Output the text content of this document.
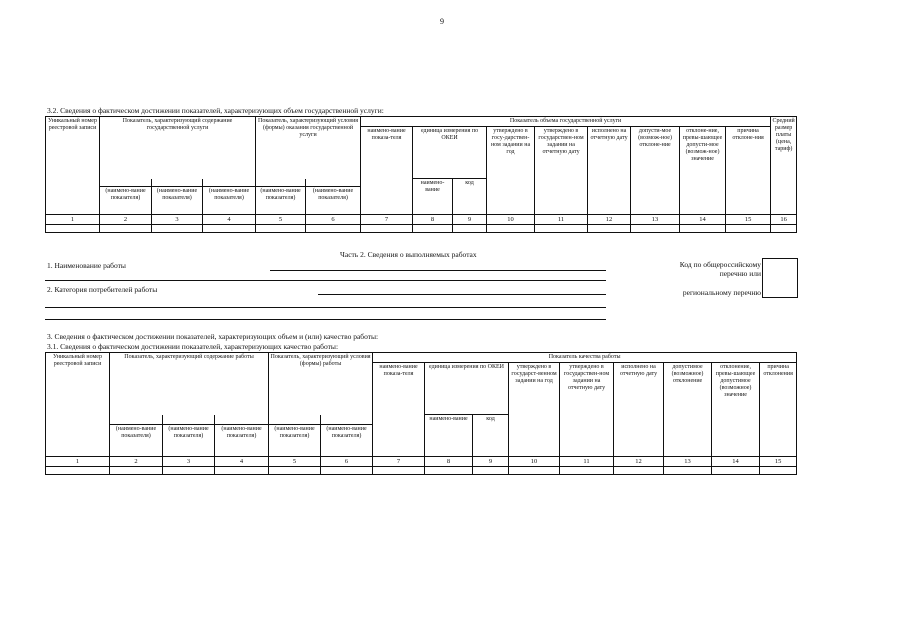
9
3.2. Сведения о фактическом достижении показателей, характеризующих объем государственной услуги:
Уникальный номер реестровой записи	Показатель, характеризующий содержание государственной услуги			Показатель, характеризующий условия (формы) оказания государственной услуги		Показатель объема государственной услуги									Средний размер платы (цена, тариф)
						наимено-вание показа-теля	единица измерения по ОКЕИ		утверждено в госу-дарствен-ном задании на год	утверждено в государствен-ном задании на отчетную дату	исполнено на отчетную дату	допусти-мое (возмож-ное) отклоне-ние	отклоне-ние, превы-шающее допусти-мое (возмож-ное) значение	причина отклоне-ния	
							наимено-вание	код							
	(наимено-вание показателя)	(наимено-вание показателя)	(наимено-вание показателя)	(наимено-вание показателя)	(наимено-вание показателя)										
1	2	3	4	5	6	7	8	9	10	11	12	13	14	15	16

Часть 2. Сведения о выполняемых работах
1. Наименование работы
2. Категория потребителей работы
Код по общероссийскому
перечню или
региональному перечню
3. Сведения о фактическом достижении показателей, характеризующих объем и (или) качество работы:
3.1. Сведения о фактическом достижении показателей, характеризующих качество работы:
Уникальный номер реестровой записи	Показатель, характеризующий содержание работы			Показатель, характеризующий условия (формы) работы		Показатель качества работы								
						наимено-вание показа-теля	единица измерения по ОКЕИ		утверждено в государст-венном задании на год	утверждено в государствен-ном задании на отчетную дату	исполнено на отчетную дату	допустимое (возможное) отклонение	отклонение, превы-шающее допустимое (возможное) значение	причина отклонения
							наимено-вание	код						
	(наимено-вание показателя)	(наимено-вание показателя)	(наимено-вание показателя)	(наимено-вание показателя)	(наимено-вание показателя)									
1	2	3	4	5	6	7	8	9	10	11	12	13	14	15
